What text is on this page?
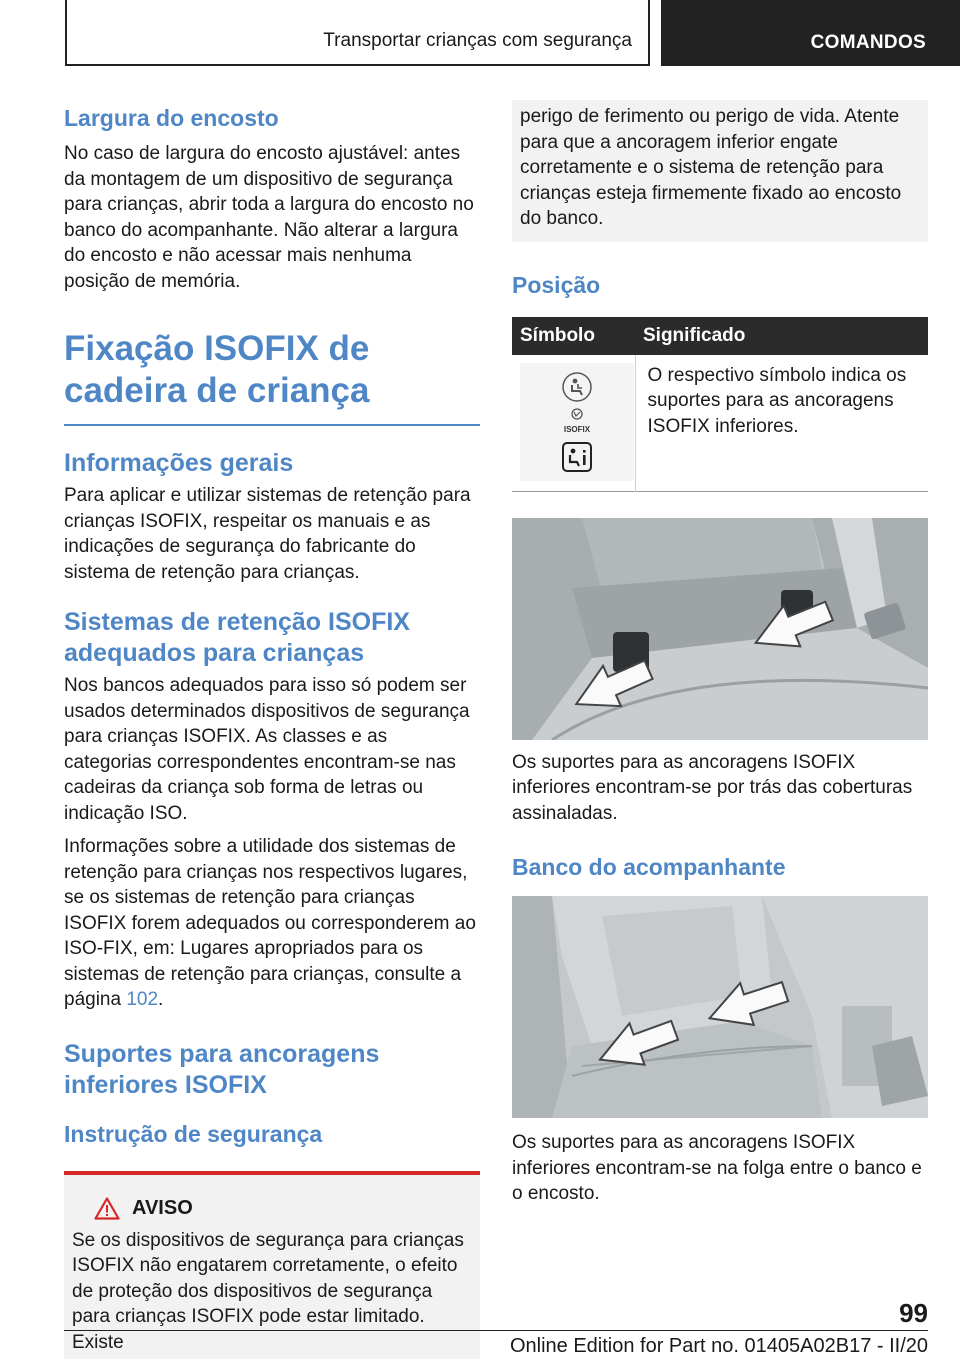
Transportar crianças com segurança	COMANDOS
Largura do encosto
No caso de largura do encosto ajustável: antes da montagem de um dispositivo de segurança para crianças, abrir toda a largura do encosto no banco do acompanhante. Não alterar a largura do encosto e não acessar mais nenhuma posição de memória.
Fixação ISOFIX de cadeira de criança
Informações gerais
Para aplicar e utilizar sistemas de retenção para crianças ISOFIX, respeitar os manuais e as indicações de segurança do fabricante do sistema de retenção para crianças.
Sistemas de retenção ISOFIX adequados para crianças
Nos bancos adequados para isso só podem ser usados determinados dispositivos de segurança para crianças ISOFIX. As classes e as categorias correspondentes encontram-se nas cadeiras da criança sob forma de letras ou indicação ISO.
Informações sobre a utilidade dos sistemas de retenção para crianças nos respectivos lugares, se os sistemas de retenção para crianças ISOFIX forem adequados ou corresponderem ao ISO-FIX, em: Lugares apropriados para os sistemas de retenção para crianças, consulte a página 102.
Suportes para ancoragens inferiores ISOFIX
Instrução de segurança
AVISO
Se os dispositivos de segurança para crianças ISOFIX não engatarem corretamente, o efeito de proteção dos dispositivos de segurança para crianças ISOFIX pode estar limitado. Existe
perigo de ferimento ou perigo de vida. Atente para que a ancoragem inferior engate corretamente e o sistema de retenção para crianças esteja firmemente fixado ao encosto do banco.
Posição
Símbolo	Significado

ISOFIX	O respectivo símbolo indica os suportes para as ancoragens ISOFIX inferiores.
Os suportes para as ancoragens ISOFIX inferiores encontram-se por trás das coberturas assinaladas.
Banco do acompanhante
Os suportes para as ancoragens ISOFIX inferiores encontram-se na folga entre o banco e o encosto.
99
Online Edition for Part no. 01405A02B17 - II/20
